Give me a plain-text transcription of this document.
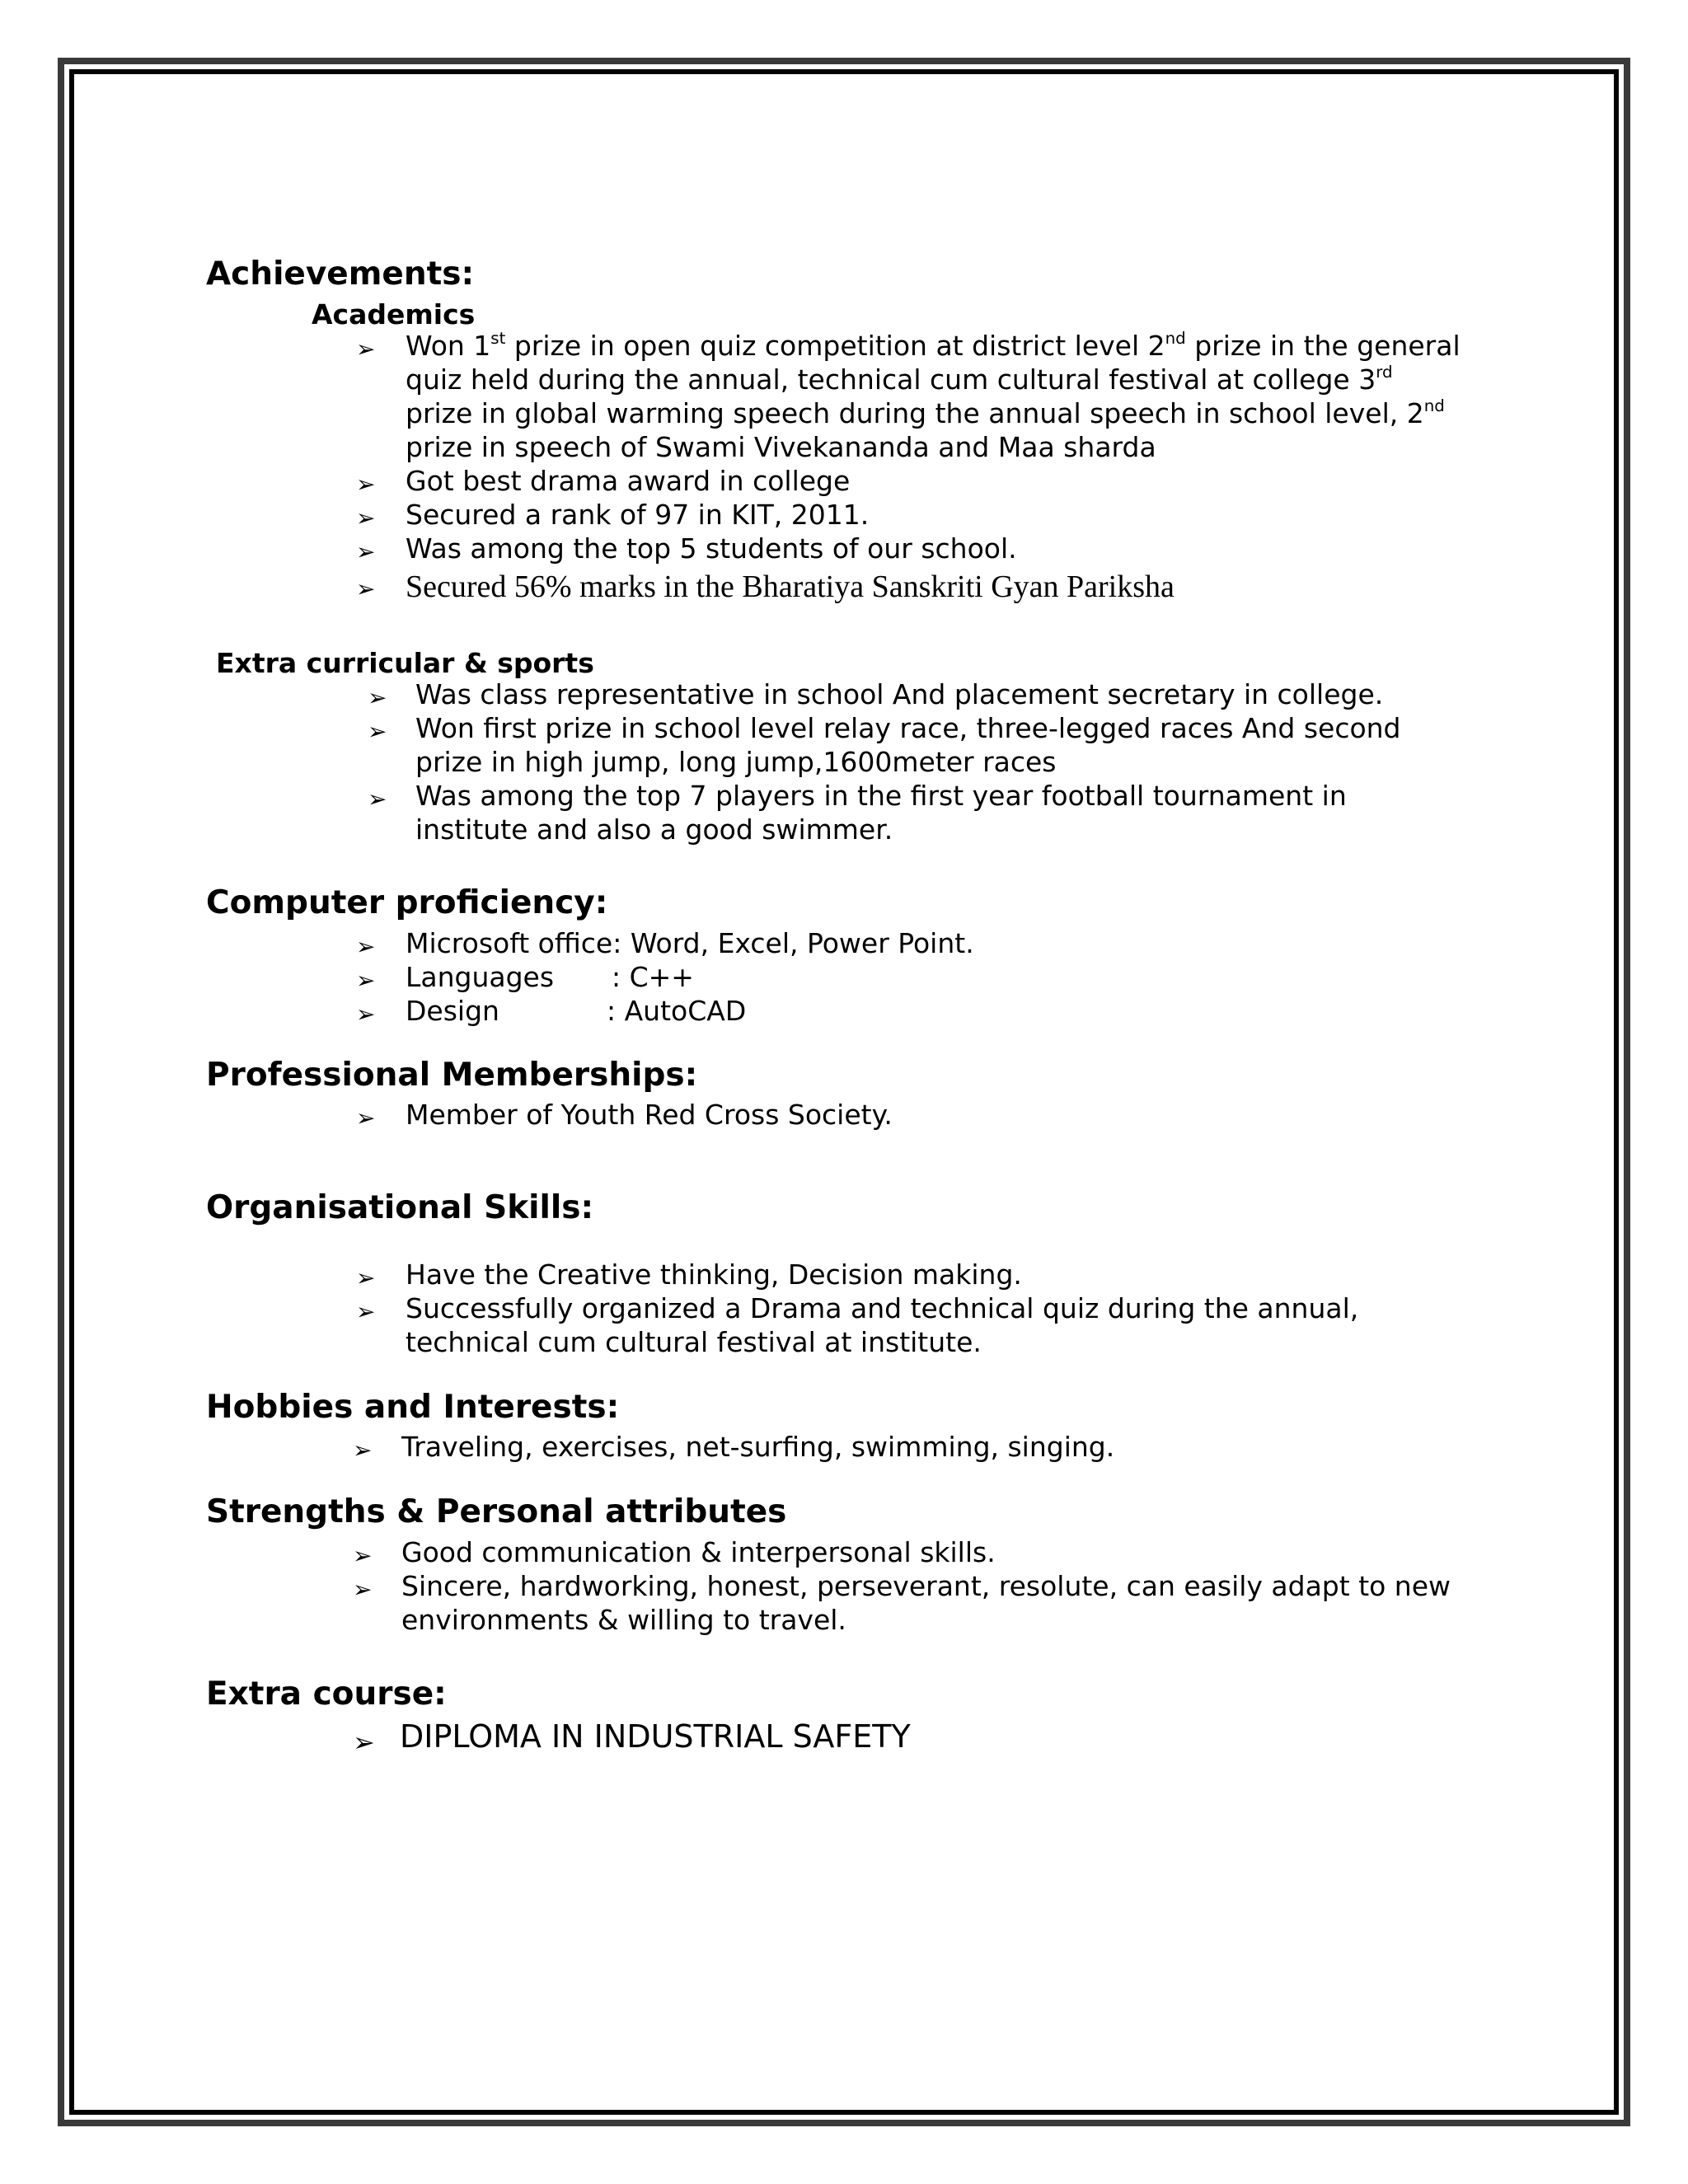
Achievements:
Academics
➢ Won 1st prize in open quiz competition at district level 2nd prize in the general
quiz held during the annual, technical cum cultural festival at college 3rd
prize in global warming speech during the annual speech in school level, 2nd
prize in speech of Swami Vivekananda and Maa sharda
➢ Got best drama award in college
➢ Secured a rank of 97 in KIT, 2011.
➢ Was among the top 5 students of our school.
➢ Secured 56% marks in the Bharatiya Sanskriti Gyan Pariksha
Extra curricular & sports
➢ Was class representative in school And placement secretary in college.
➢ Won first prize in school level relay race, three-legged races And second
prize in high jump, long jump,1600meter races
➢ Was among the top 7 players in the first year football tournament in
institute and also a good swimmer.
Computer proficiency:
➢ Microsoft office: Word, Excel, Power Point.
➢ Languages : C++
➢ Design	: AutoCAD
Professional Memberships:
➢ Member of Youth Red Cross Society.
Organisational Skills:
➢ Have the Creative thinking, Decision making.
➢ Successfully organized a Drama and technical quiz during the annual,
technical cum cultural festival at institute.
Hobbies and Interests:
➢ Traveling, exercises, net-surfing, swimming, singing.
Strengths & Personal attributes
➢ Good communication & interpersonal skills.
➢ Sincere, hardworking, honest, perseverant, resolute, can easily adapt to new
environments & willing to travel.
Extra course:
➢ DIPLOMA IN INDUSTRIAL SAFETY
